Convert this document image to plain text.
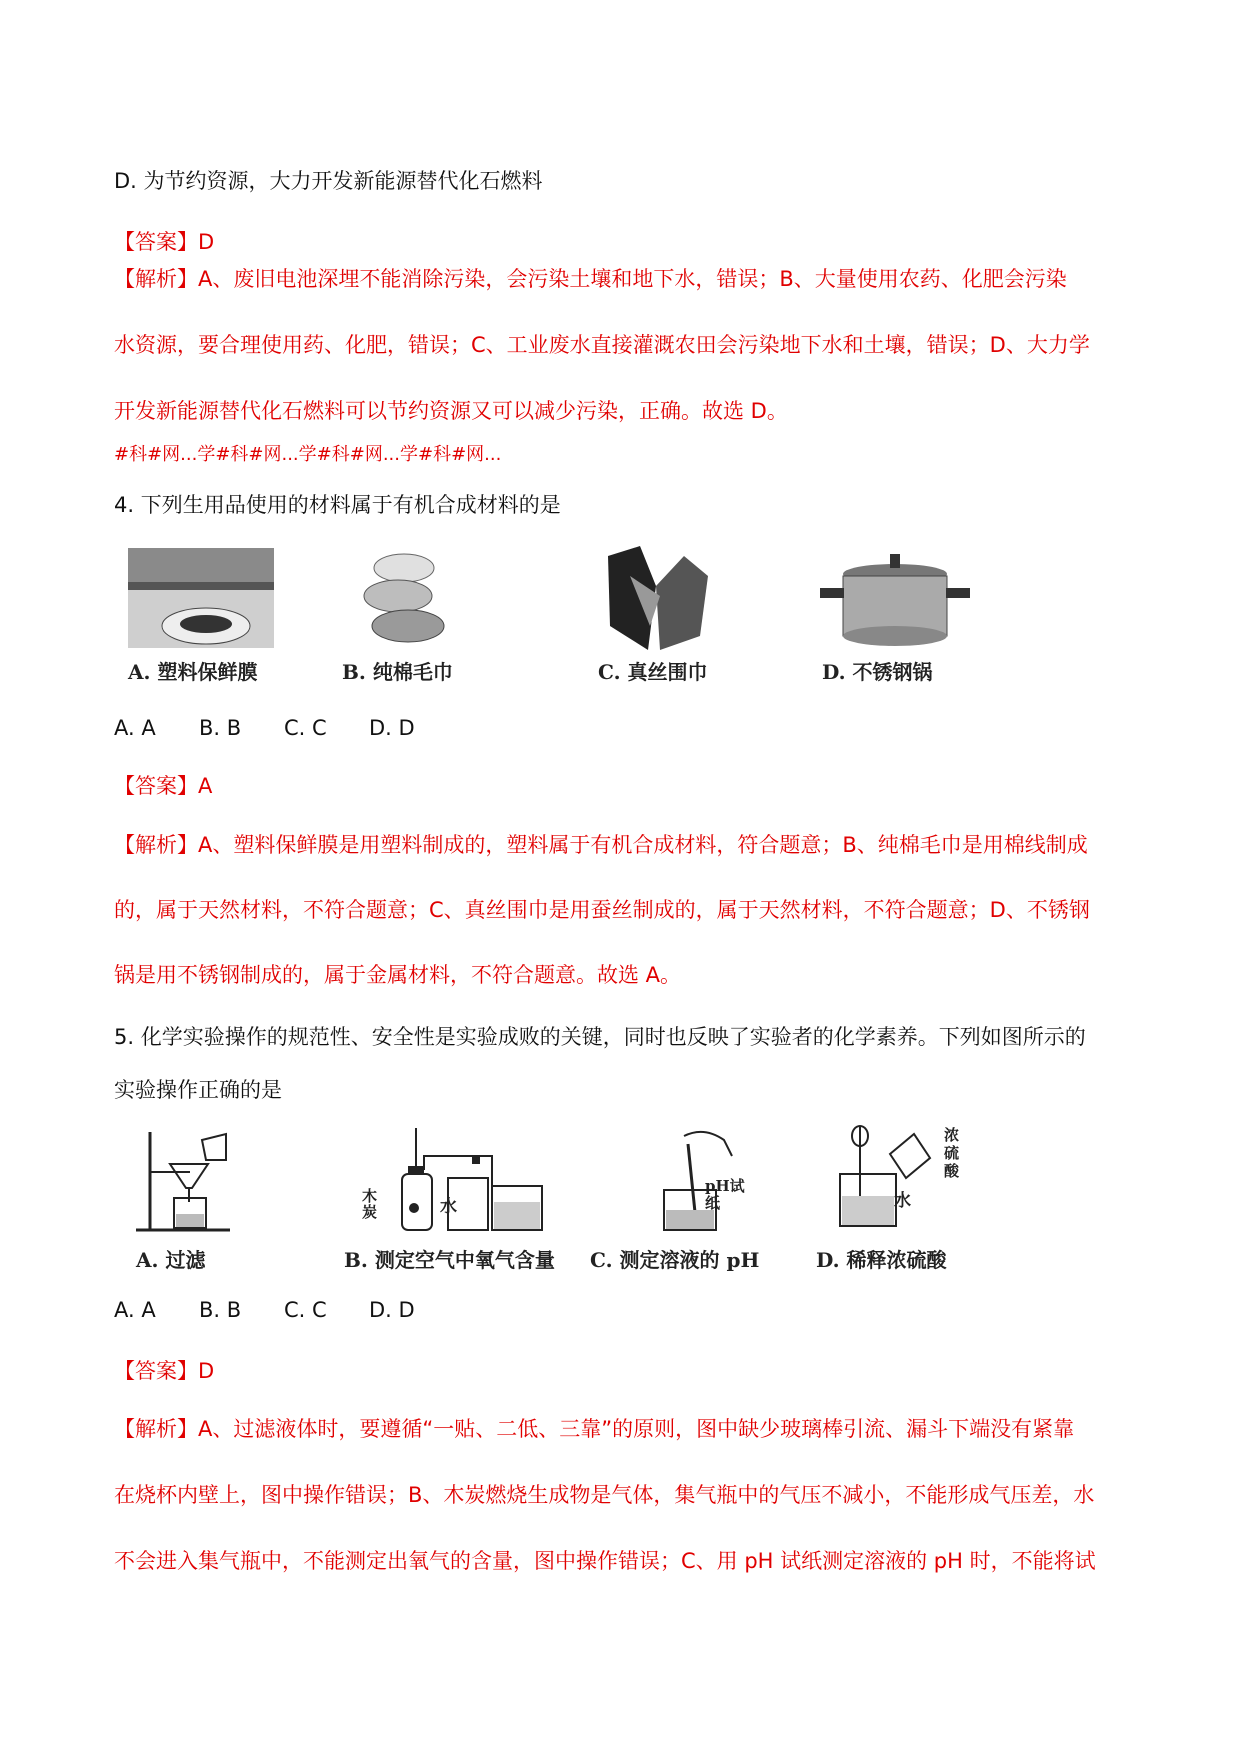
D. 为节约资源，大力开发新能源替代化石燃料
【答案】D
【解析】A、废旧电池深埋不能消除污染，会污染土壤和地下水，错误；B、大量使用农药、化肥会污染
水资源，要合理使用药、化肥，错误；C、工业废水直接灌溉农田会污染地下水和土壤，错误；D、大力学
开发新能源替代化石燃料可以节约资源又可以减少污染，正确。故选 D。
#科#网...学#科#网...学#科#网...学#科#网...
4. 下列生用品使用的材料属于有机合成材料的是
A. 塑料保鲜膜	B. 纯棉毛巾	C. 真丝围巾	D. 不锈钢锅
A. A B. B C. C D. D
【答案】A
【解析】A、塑料保鲜膜是用塑料制成的，塑料属于有机合成材料，符合题意；B、纯棉毛巾是用棉线制成
的，属于天然材料，不符合题意；C、真丝围巾是用蚕丝制成的，属于天然材料，不符合题意；D、不锈钢
锅是用不锈钢制成的，属于金属材料，不符合题意。故选 A。
5. 化学实验操作的规范性、安全性是实验成败的关键，同时也反映了实验者的化学素养。下列如图所示的
实验操作正确的是
木炭	水
pH试纸	水
浓硫酸
A. 过滤	B. 测定空气中氧气含量 C. 测定溶液的 pH	D. 稀释浓硫酸
A. A B. B C. C D. D
【答案】D
【解析】A、过滤液体时，要遵循“一贴、二低、三靠”的原则，图中缺少玻璃棒引流、漏斗下端没有紧靠
在烧杯内壁上，图中操作错误；B、木炭燃烧生成物是气体，集气瓶中的气压不减小，不能形成气压差，水
不会进入集气瓶中，不能测定出氧气的含量，图中操作错误；C、用 pH 试纸测定溶液的 pH 时，不能将试
